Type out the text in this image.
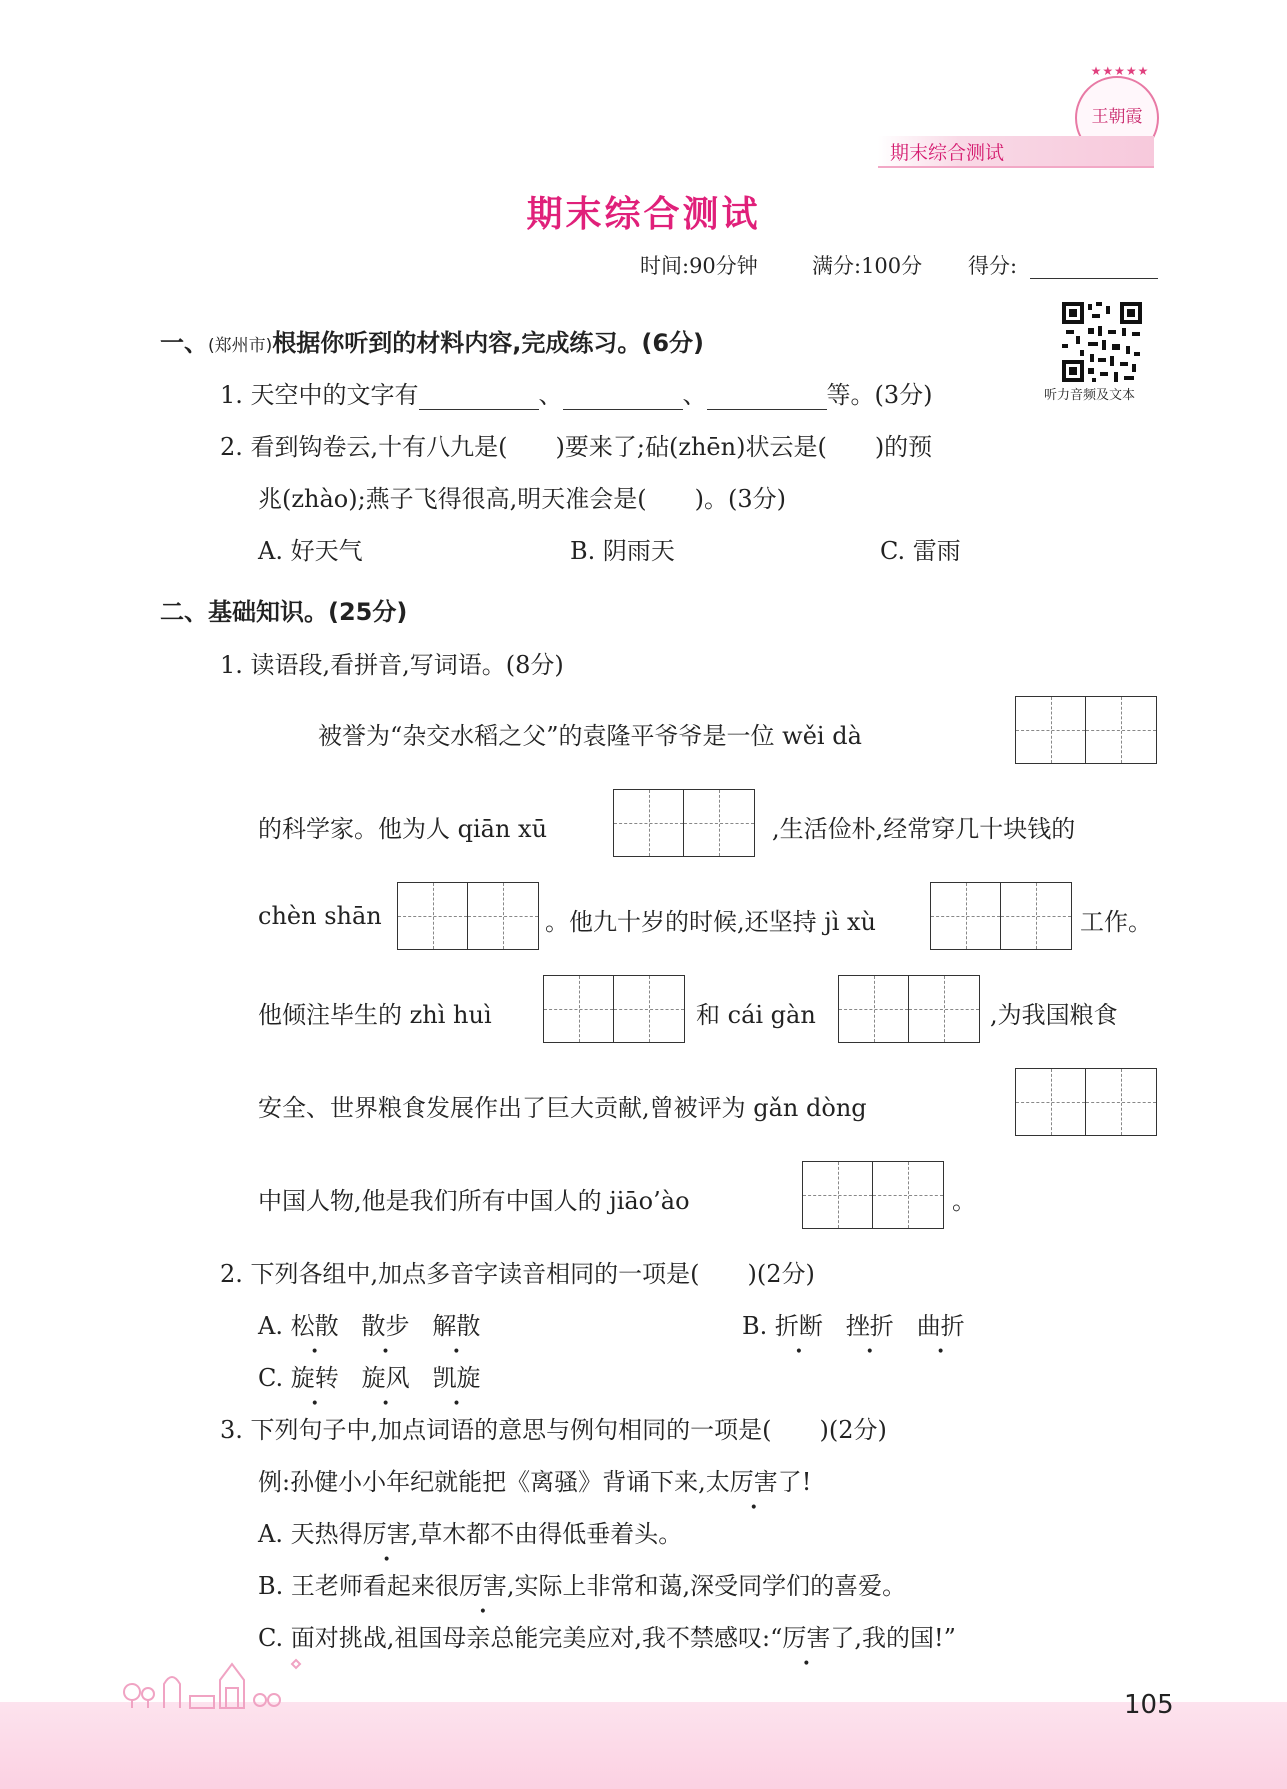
★★★★★
王朝霞
期末综合测试
期末综合测试
时间:90分钟	满分:100分 得分:
听力音频及文本
一、(郑州市)根据你听到的材料内容,完成练习。(6分)
1. 天空中的文字有	、	、	等。(3分)
2. 看到钩卷云,十有八九是(　　)要来了;砧(zhēn)状云是(　　)的预
兆(zhào);燕子飞得很高,明天准会是(　　)。(3分)
A. 好天气	B. 阴雨天	C. 雷雨
二、基础知识。(25分)
1. 读语段,看拼音,写词语。(8分)
被誉为“杂交水稻之父”的袁隆平爷爷是一位 wěi dà
的科学家。他为人 qiān xū	,生活俭朴,经常穿几十块钱的
chèn shān	。他九十岁的时候,还坚持 jì xù	工作。
他倾注毕生的 zhì huì	和 cái gàn	,为我国粮食
安全、世界粮食发展作出了巨大贡献,曾被评为 gǎn dòng
中国人物,他是我们所有中国人的 jiāo’ào	。
2. 下列各组中,加点多音字读音相同的一项是(　　)(2分)
A. 松散 散步 解散	B. 折断 挫折 曲折
C. 旋转 旋风 凯旋
3. 下列句子中,加点词语的意思与例句相同的一项是(　　)(2分)
例:孙健小小年纪就能把《离骚》背诵下来,太厉害了!
A. 天热得厉害,草木都不由得低垂着头。
B. 王老师看起来很厉害,实际上非常和蔼,深受同学们的喜爱。
C. 面对挑战,祖国母亲总能完美应对,我不禁感叹:“厉害了,我的国!”
105
